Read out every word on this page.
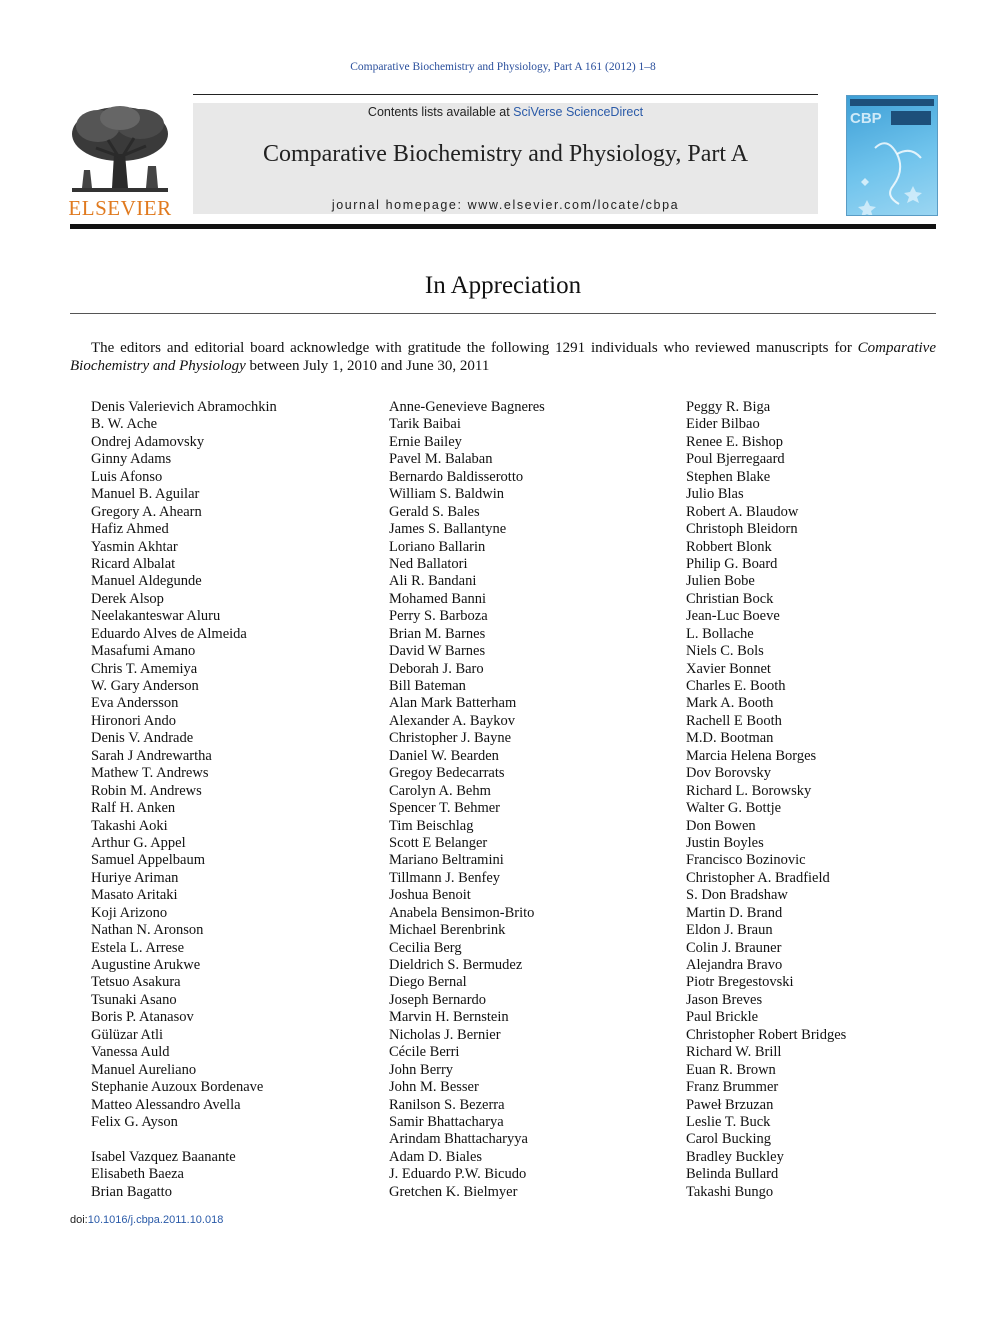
Comparative Biochemistry and Physiology, Part A 161 (2012) 1–8
ELSEVIER
Contents lists available at SciVerse ScienceDirect
Comparative Biochemistry and Physiology, Part A
journal homepage: www.elsevier.com/locate/cbpa
CBP
In Appreciation

The editors and editorial board acknowledge with gratitude the following 1291 individuals who reviewed manuscripts for Comparative
Biochemistry and Physiology between July 1, 2010 and June 30, 2011

Denis Valerievich Abramochkin
B. W. Ache
Ondrej Adamovsky
Ginny Adams
Luis Afonso
Manuel B. Aguilar
Gregory A. Ahearn
Hafiz Ahmed
Yasmin Akhtar
Ricard Albalat
Manuel Aldegunde
Derek Alsop
Neelakanteswar Aluru
Eduardo Alves de Almeida
Masafumi Amano
Chris T. Amemiya
W. Gary Anderson
Eva Andersson
Hironori Ando
Denis V. Andrade
Sarah J Andrewartha
Mathew T. Andrews
Robin M. Andrews
Ralf H. Anken
Takashi Aoki
Arthur G. Appel
Samuel Appelbaum
Huriye Ariman
Masato Aritaki
Koji Arizono
Nathan N. Aronson
Estela L. Arrese
Augustine Arukwe
Tetsuo Asakura
Tsunaki Asano
Boris P. Atanasov
Gülüzar Atli
Vanessa Auld
Manuel Aureliano
Stephanie Auzoux Bordenave
Matteo Alessandro Avella
Felix G. Ayson
Isabel Vazquez Baanante
Elisabeth Baeza
Brian Bagatto
Anne-Genevieve Bagneres
Tarik Baibai
Ernie Bailey
Pavel M. Balaban
Bernardo Baldisserotto
William S. Baldwin
Gerald S. Bales
James S. Ballantyne
Loriano Ballarin
Ned Ballatori
Ali R. Bandani
Mohamed Banni
Perry S. Barboza
Brian M. Barnes
David W Barnes
Deborah J. Baro
Bill Bateman
Alan Mark Batterham
Alexander A. Baykov
Christopher J. Bayne
Daniel W. Bearden
Gregoy Bedecarrats
Carolyn A. Behm
Spencer T. Behmer
Tim Beischlag
Scott E Belanger
Mariano Beltramini
Tillmann J. Benfey
Joshua Benoit
Anabela Bensimon-Brito
Michael Berenbrink
Cecilia Berg
Dieldrich S. Bermudez
Diego Bernal
Joseph Bernardo
Marvin H. Bernstein
Nicholas J. Bernier
Cécile Berri
John Berry
John M. Besser
Ranilson S. Bezerra
Samir Bhattacharya
Arindam Bhattacharyya
Adam D. Biales
J. Eduardo P.W. Bicudo
Gretchen K. Bielmyer
Peggy R. Biga
Eider Bilbao
Renee E. Bishop
Poul Bjerregaard
Stephen Blake
Julio Blas
Robert A. Blaudow
Christoph Bleidorn
Robbert Blonk
Philip G. Board
Julien Bobe
Christian Bock
Jean-Luc Boeve
L. Bollache
Niels C. Bols
Xavier Bonnet
Charles E. Booth
Mark A. Booth
Rachell E Booth
M.D. Bootman
Marcia Helena Borges
Dov Borovsky
Richard L. Borowsky
Walter G. Bottje
Don Bowen
Justin Boyles
Francisco Bozinovic
Christopher A. Bradfield
S. Don Bradshaw
Martin D. Brand
Eldon J. Braun
Colin J. Brauner
Alejandra Bravo
Piotr Bregestovski
Jason Breves
Paul Brickle
Christopher Robert Bridges
Richard W. Brill
Euan R. Brown
Franz Brummer
Paweł Brzuzan
Leslie T. Buck
Carol Bucking
Bradley Buckley
Belinda Bullard
Takashi Bungo
doi:10.1016/j.cbpa.2011.10.018
